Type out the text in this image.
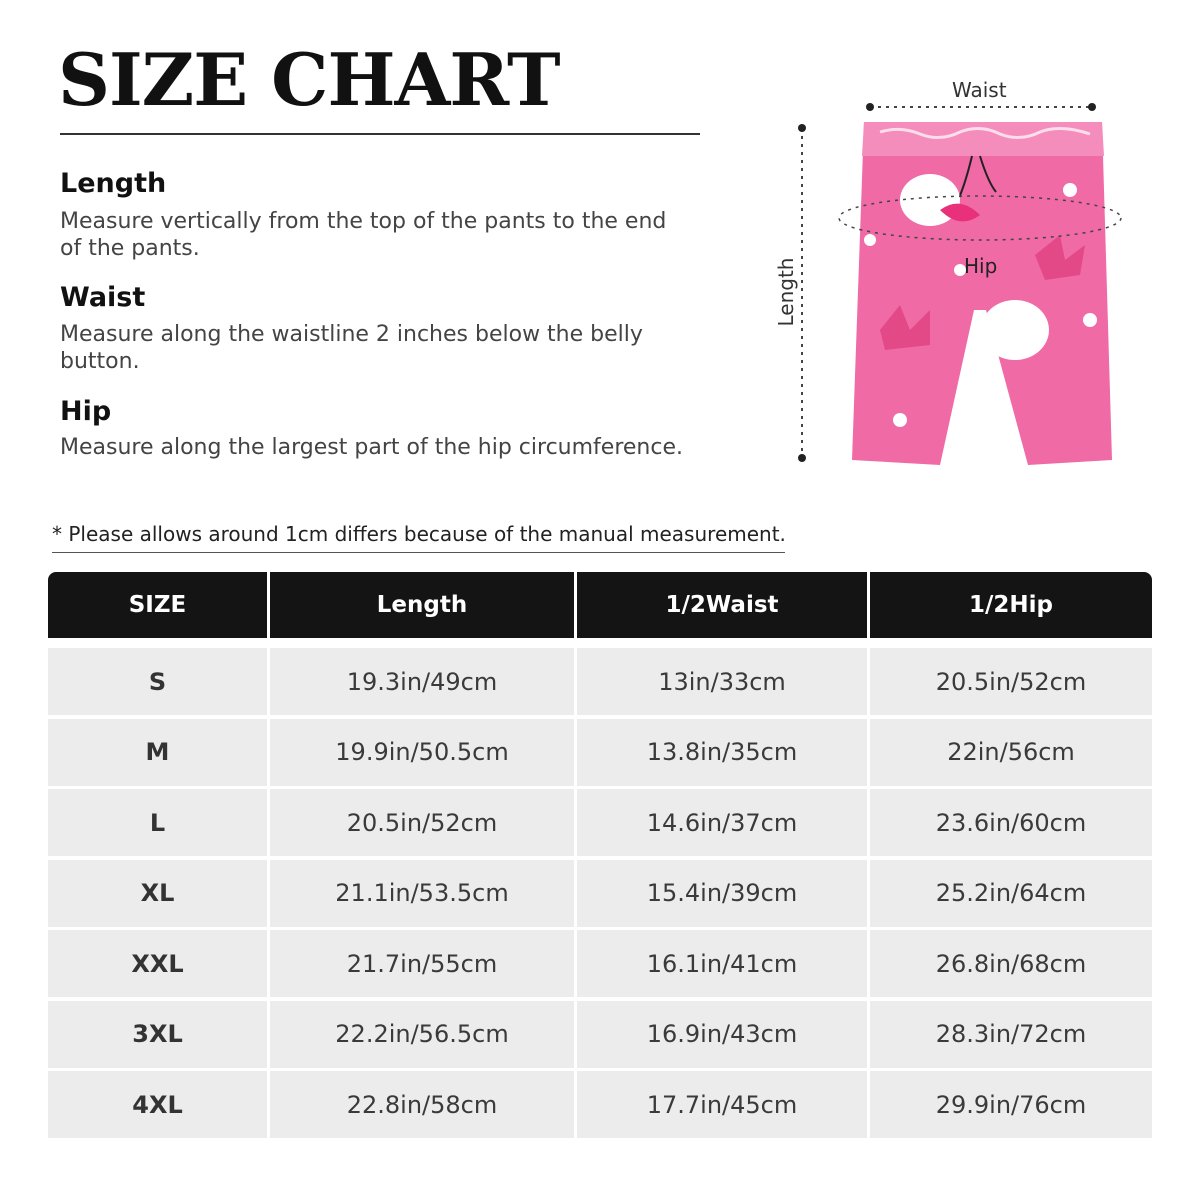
SIZE CHART
Length
Measure vertically from the top of the pants to the end of the pants.
Waist
Measure along the waistline 2 inches below the belly button.
Hip
Measure along the largest part of the hip circumference.
Waist
Hip
Length
* Please allows around 1cm differs because of the manual measurement.
SIZE	Length	1/2Waist	1/2Hip
S	19.3in/49cm	13in/33cm	20.5in/52cm
M	19.9in/50.5cm	13.8in/35cm	22in/56cm
L	20.5in/52cm	14.6in/37cm	23.6in/60cm
XL	21.1in/53.5cm	15.4in/39cm	25.2in/64cm
XXL	21.7in/55cm	16.1in/41cm	26.8in/68cm
3XL	22.2in/56.5cm	16.9in/43cm	28.3in/72cm
4XL	22.8in/58cm	17.7in/45cm	29.9in/76cm
